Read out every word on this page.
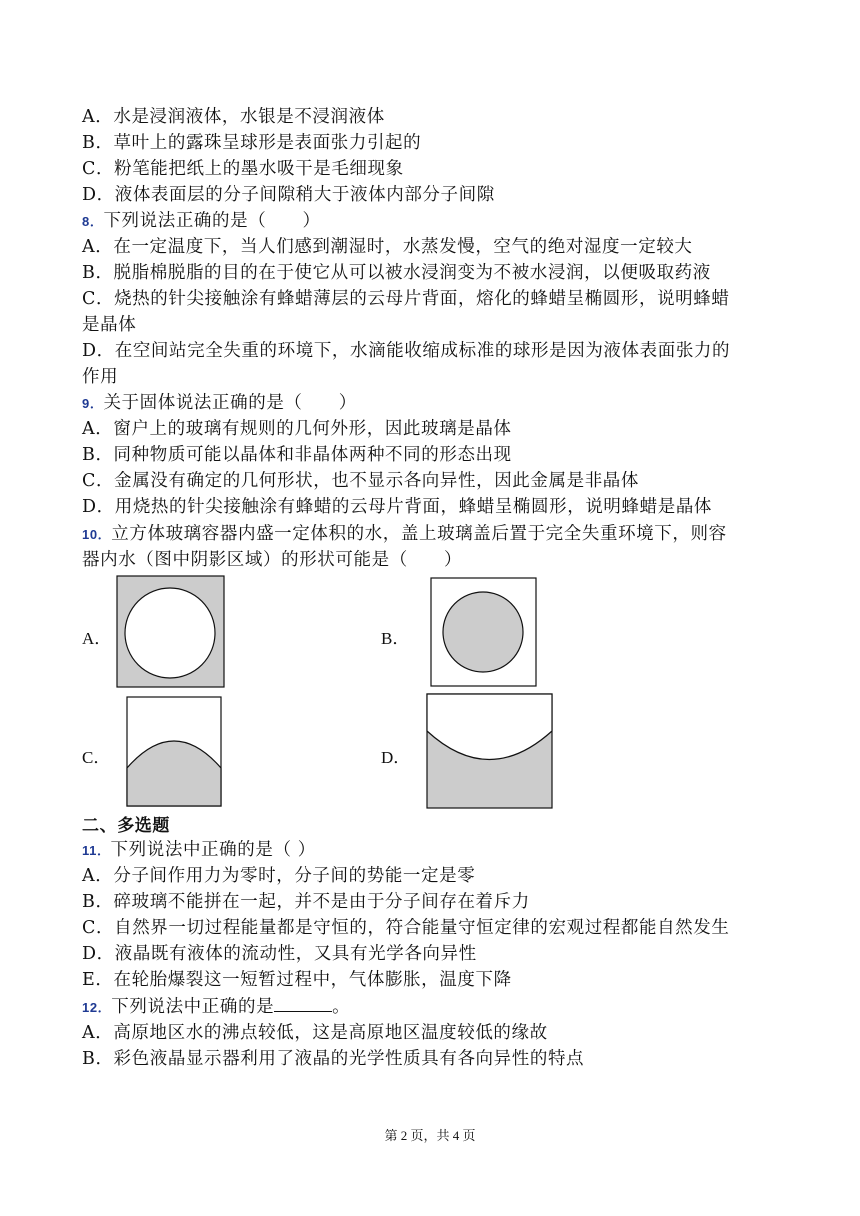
A．水是浸润液体，水银是不浸润液体
B．草叶上的露珠呈球形是表面张力引起的
C．粉笔能把纸上的墨水吸干是毛细现象
D．液体表面层的分子间隙稍大于液体内部分子间隙
8．下列说法正确的是（　　）
A．在一定温度下，当人们感到潮湿时，水蒸发慢，空气的绝对湿度一定较大
B．脱脂棉脱脂的目的在于使它从可以被水浸润变为不被水浸润，以便吸取药液
C．烧热的针尖接触涂有蜂蜡薄层的云母片背面，熔化的蜂蜡呈椭圆形，说明蜂蜡
是晶体
D．在空间站完全失重的环境下，水滴能收缩成标准的球形是因为液体表面张力的
作用
9．关于固体说法正确的是（　　）
A．窗户上的玻璃有规则的几何外形，因此玻璃是晶体
B．同种物质可能以晶体和非晶体两种不同的形态出现
C．金属没有确定的几何形状，也不显示各向异性，因此金属是非晶体
D．用烧热的针尖接触涂有蜂蜡的云母片背面，蜂蜡呈椭圆形，说明蜂蜡是晶体
10．立方体玻璃容器内盛一定体积的水，盖上玻璃盖后置于完全失重环境下，则容
器内水（图中阴影区域）的形状可能是（　　）
A．	B．
C．	D．
二、多选题
11．下列说法中正确的是（ ）
A．分子间作用力为零时，分子间的势能一定是零
B．碎玻璃不能拼在一起，并不是由于分子间存在着斥力
C．自然界一切过程能量都是守恒的，符合能量守恒定律的宏观过程都能自然发生
D．液晶既有液体的流动性，又具有光学各向异性
E．在轮胎爆裂这一短暂过程中，气体膨胀，温度下降
12．下列说法中正确的是	。
A．高原地区水的沸点较低，这是高原地区温度较低的缘故
B．彩色液晶显示器利用了液晶的光学性质具有各向异性的特点
第 2 页，共 4 页
